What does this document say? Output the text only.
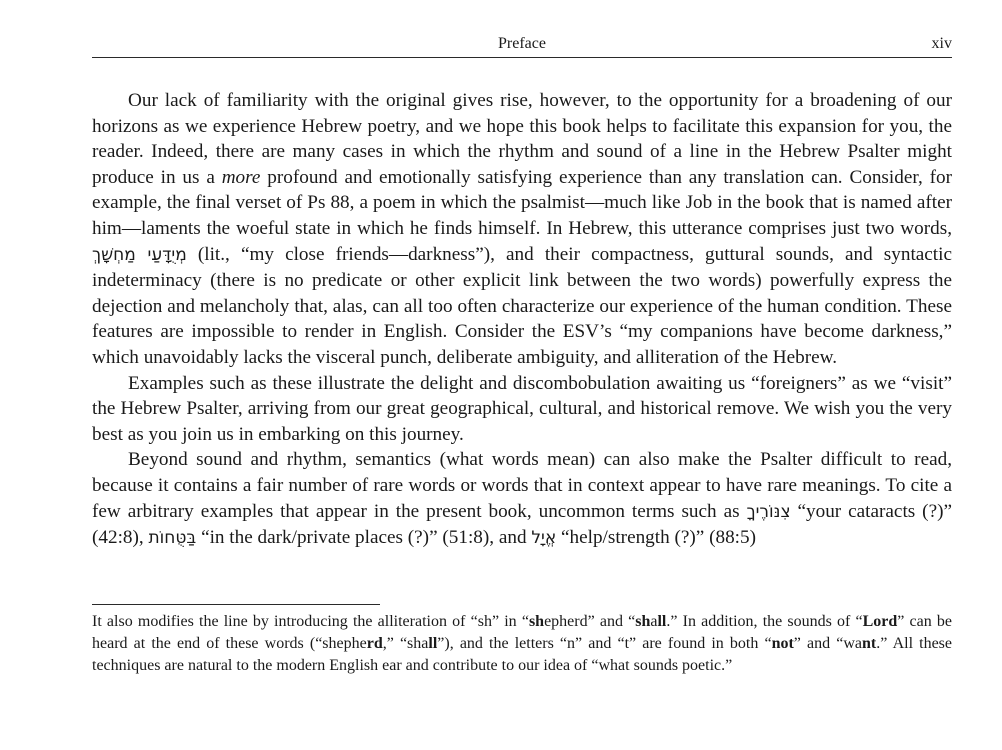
Preface	xiv

Our lack of familiarity with the original gives rise, however, to the opportunity for a broadening of our horizons as we experience Hebrew poetry, and we hope this book helps to facilitate this expansion for you, the reader. Indeed, there are many cases in which the rhythm and sound of a line in the Hebrew Psalter might produce in us a more profound and emotionally satisfying experience than any translation can. Consider, for example, the final verset of Ps 88, a poem in which the psalmist—much like Job in the book that is named after him—laments the woeful state in which he finds himself. In Hebrew, this utterance comprises just two words, מְיֻדָּעַי מַחְשָׁךְ (lit., “my close friends—darkness”), and their compactness, guttural sounds, and syntactic indeterminacy (there is no predicate or other explicit link between the two words) powerfully express the dejection and melancholy that, alas, can all too often characterize our experience of the human condition. These features are impossible to render in English. Consider the ESV’s “my companions have become darkness,” which unavoidably lacks the visceral punch, deliberate ambiguity, and alliteration of the Hebrew.

Examples such as these illustrate the delight and discombobulation awaiting us “foreigners” as we “visit” the Hebrew Psalter, arriving from our great geographical, cultural, and historical remove. We wish you the very best as you join us in embarking on this journey.

Beyond sound and rhythm, semantics (what words mean) can also make the Psalter difficult to read, because it contains a fair number of rare words or words that in context appear to have rare meanings. To cite a few arbitrary examples that appear in the present book, uncommon terms such as צִנּוֹרֶיךָ “your cataracts (?)” (42:8), בַּטֻּחוֹת “in the dark/private places (?)” (51:8), and אֱיָל “help/strength (?)” (88:5)

It also modifies the line by introducing the alliteration of “sh” in “shepherd” and “shall.” In addition, the sounds of “Lord” can be heard at the end of these words (“shepherd,” “shall”), and the letters “n” and “t” are found in both “not” and “want.” All these techniques are natural to the modern English ear and contribute to our idea of “what sounds poetic.”
